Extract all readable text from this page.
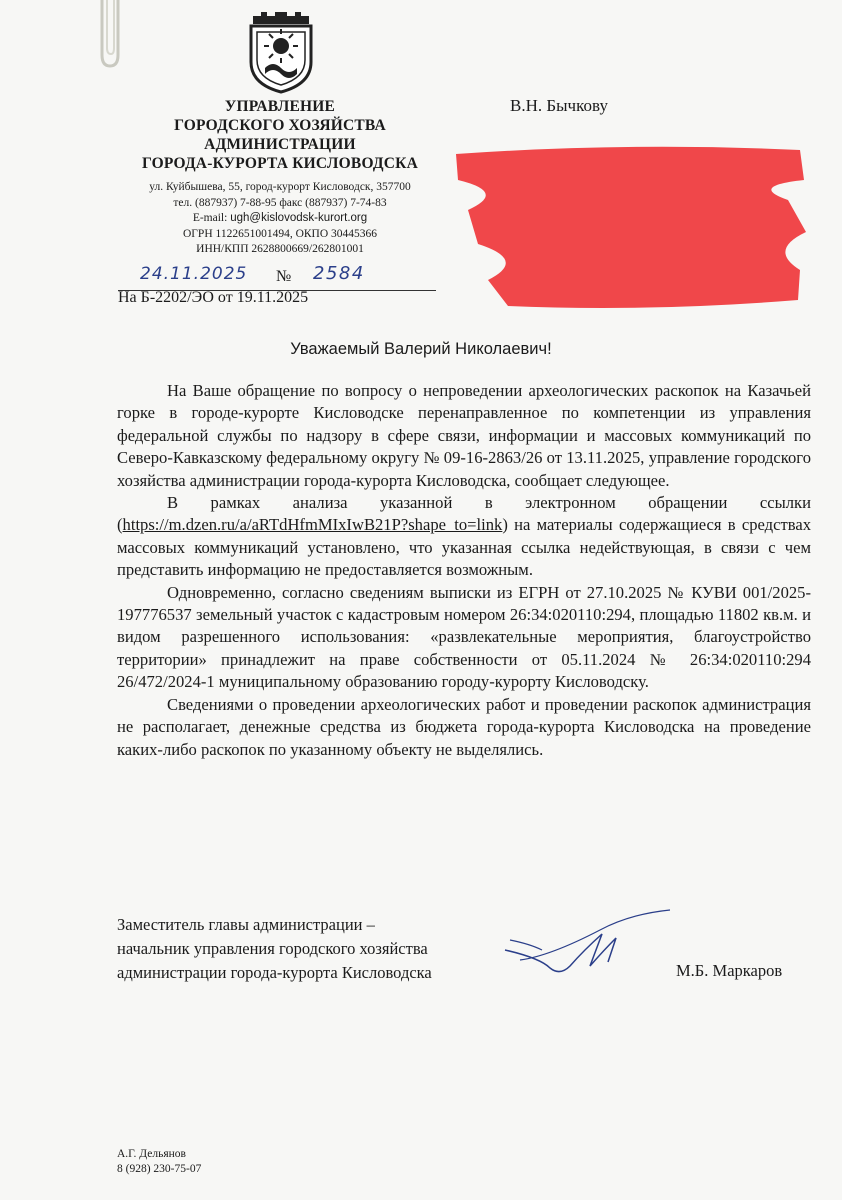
УПРАВЛЕНИЕ
ГОРОДСКОГО ХОЗЯЙСТВА
АДМИНИСТРАЦИИ
ГОРОДА-КУРОРТА КИСЛОВОДСКА
ул. Куйбышева, 55, город-курорт Кисловодск, 357700
тел. (887937) 7-88-95 факс (887937) 7-74-83
E-mail: ugh@kislovodsk-kurort.org
ОГРН 1122651001494, ОКПО 30445366
ИНН/КПП 2628800669/262801001
В.Н. Бычкову
24.11.2025 № 2584
На Б-2202/ЭО от 19.11.2025
Уважаемый Валерий Николаевич!

На Ваше обращение по вопросу о непроведении археологических раскопок на Казачьей горке в городе-курорте Кисловодске перенаправленное по компетенции из управления федеральной службы по надзору в сфере связи, информации и массовых коммуникаций по Северо-Кавказскому федеральному округу № 09-16-2863/26 от 13.11.2025, управление городского хозяйства администрации города-курорта Кисловодска, сообщает следующее.

В рамках анализа указанной в электронном обращении ссылки (https://m.dzen.ru/a/aRTdHfmMIxIwB21P?shape_to=link) на материалы содержащиеся в средствах массовых коммуникаций установлено, что указанная ссылка недействующая, в связи с чем представить информацию не предоставляется возможным.

Одновременно, согласно сведениям выписки из ЕГРН от 27.10.2025 № КУВИ 001/2025-197776537 земельный участок с кадастровым номером 26:34:020110:294, площадью 11802 кв.м. и видом разрешенного использования: «развлекательные мероприятия, благоустройство территории» принадлежит на праве собственности от 05.11.2024 № 26:34:020110:294 26/472/2024-1 муниципальному образованию городу-курорту Кисловодску.

Сведениями о проведении археологических работ и проведении раскопок администрация не располагает, денежные средства из бюджета города-курорта Кисловодска на проведение каких-либо раскопок по указанному объекту не выделялись.

Заместитель главы администрации –
начальник управления городского хозяйства
администрации города-курорта Кисловодска	М.Б. Маркаров
А.Г. Дельянов
8 (928) 230-75-07
